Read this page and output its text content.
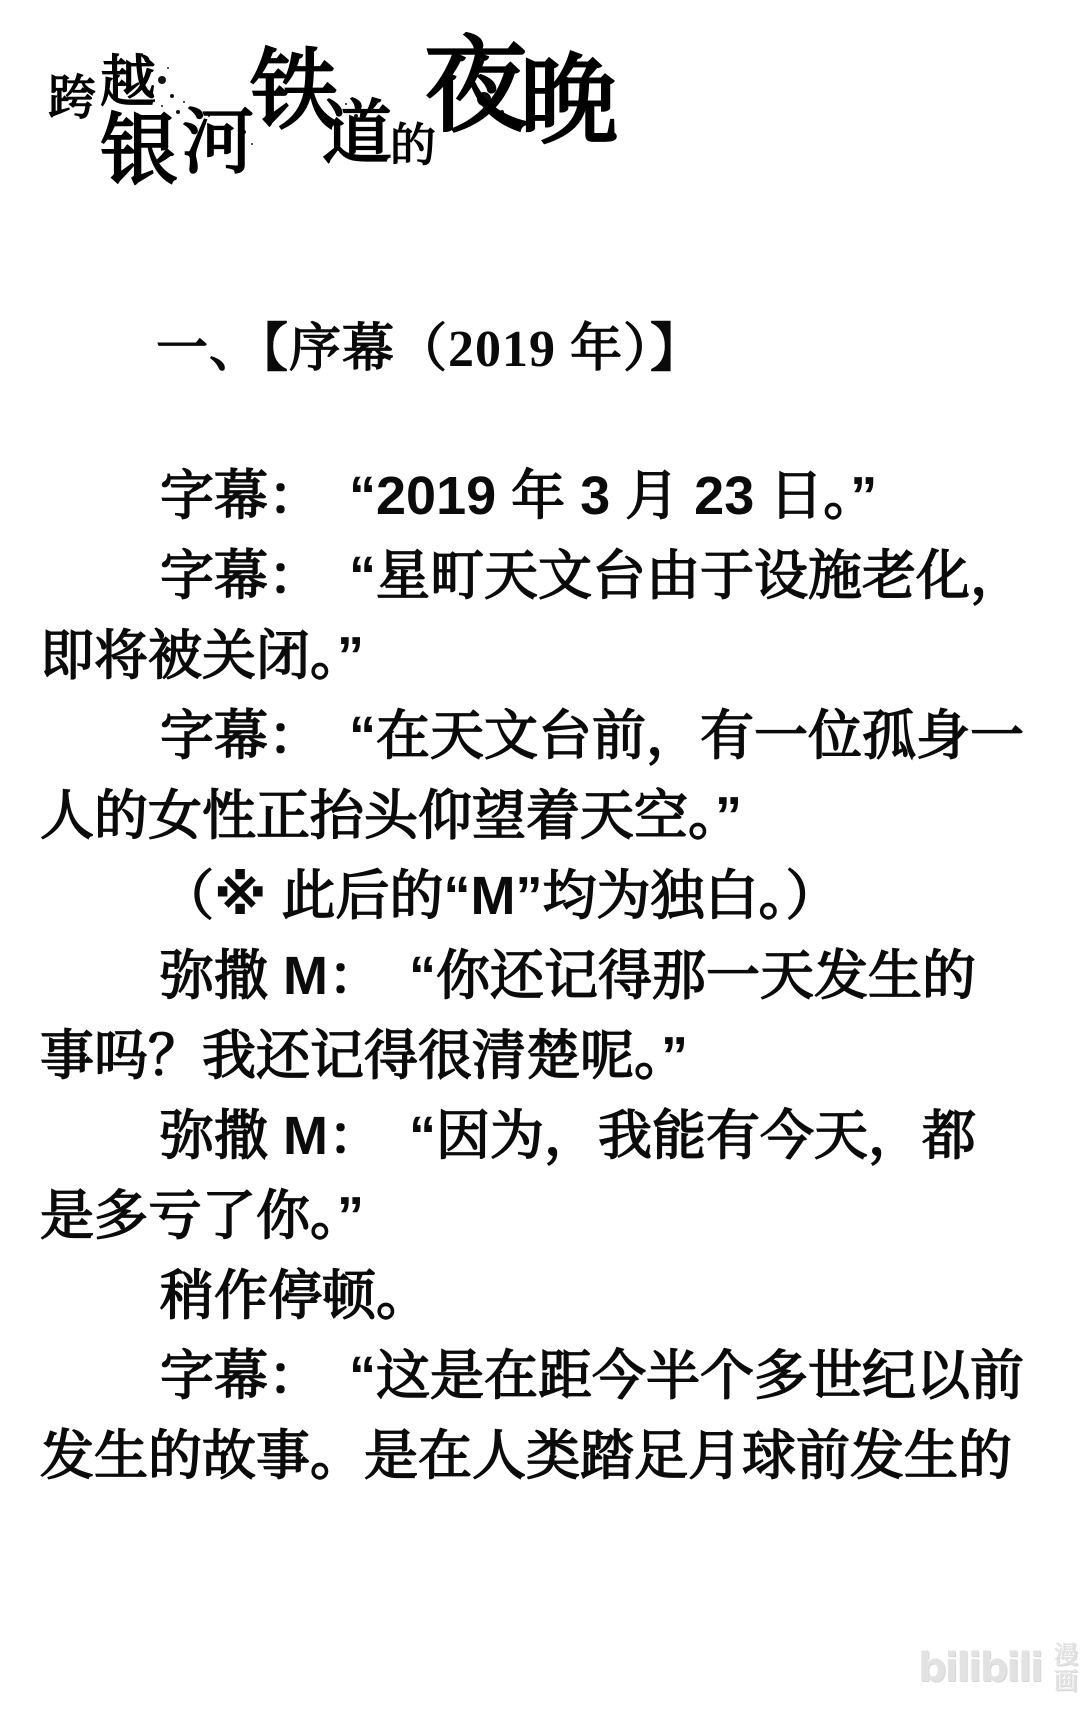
跨 越
银 河
铁
道
的
夜
晚
一、【序幕（2019 年）】
字幕：　“2019 年 3 月 23 日。”
字幕：　“星町天文台由于设施老化，
即将被关闭。”
字幕：　“在天文台前，有一位孤身一
人的女性正抬头仰望着天空。”
（※ 此后的“M”均为独白。）
弥撒 M：　“你还记得那一天发生的
事吗？我还记得很清楚呢。”
弥撒 M：　“因为，我能有今天，都
是多亏了你。”
稍作停顿。
字幕：　“这是在距今半个多世纪以前
发生的故事。是在人类踏足月球前发生的
bilibili 漫画
